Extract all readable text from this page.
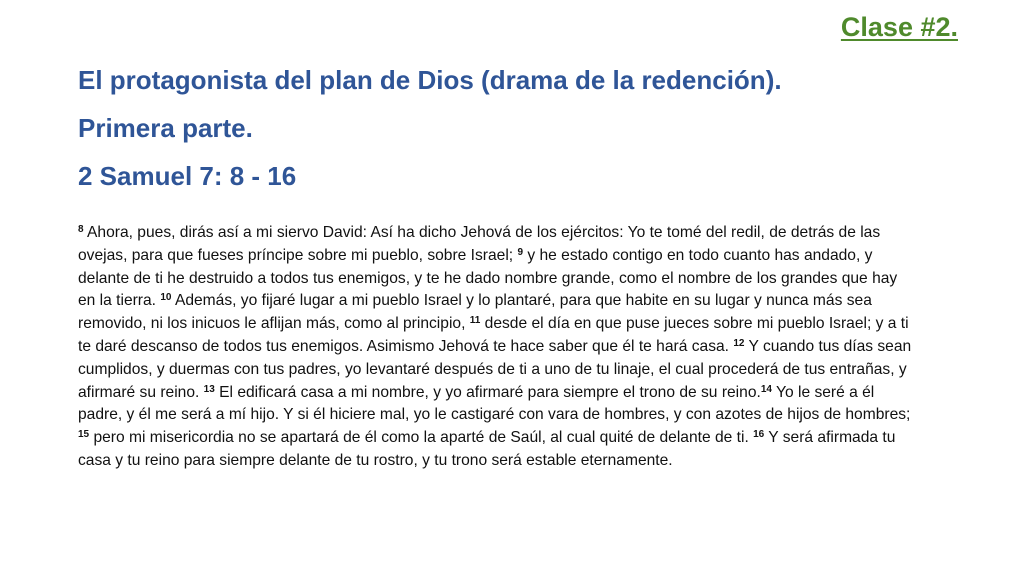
Clase #2.
El protagonista del plan de Dios (drama de la redención).
Primera parte.
2 Samuel 7: 8 - 16
$^8$ Ahora, pues, dirás así a mi siervo David: Así ha dicho Jehová de los ejércitos: Yo te tomé del redil, de detrás de las ovejas, para que fueses príncipe sobre mi pueblo, sobre Israel; $^9$ y he estado contigo en todo cuanto has andado, y delante de ti he destruido a todos tus enemigos, y te he dado nombre grande, como el nombre de los grandes que hay en la tierra. $^{10}$ Además, yo fijaré lugar a mi pueblo Israel y lo plantaré, para que habite en su lugar y nunca más sea removido, ni los inicuos le aflijan más, como al principio, $^{11}$ desde el día en que puse jueces sobre mi pueblo Israel; y a ti te daré descanso de todos tus enemigos. Asimismo Jehová te hace saber que él te hará casa. $^{12}$ Y cuando tus días sean cumplidos, y duermas con tus padres, yo levantaré después de ti a uno de tu linaje, el cual procederá de tus entrañas, y afirmaré su reino. $^{13}$ El edificará casa a mi nombre, y yo afirmaré para siempre el trono de su reino.$^{14}$ Yo le seré a él padre, y él me será a mí hijo. Y si él hiciere mal, yo le castigaré con vara de hombres, y con azotes de hijos de hombres; $^{15}$ pero mi misericordia no se apartará de él como la aparté de Saúl, al cual quité de delante de ti. $^{16}$ Y será afirmada tu casa y tu reino para siempre delante de tu rostro, y tu trono será estable eternamente.
